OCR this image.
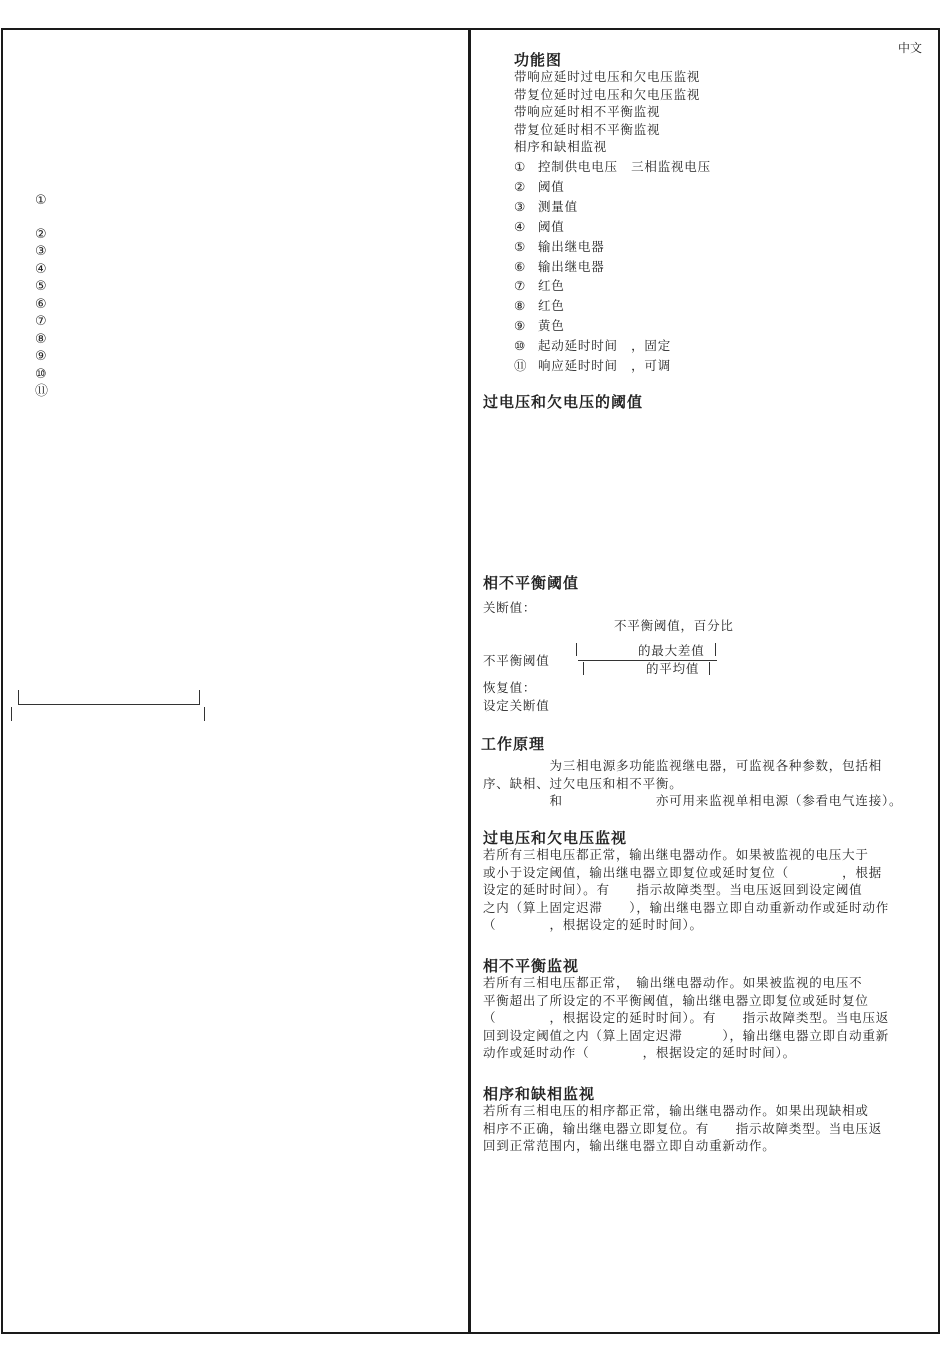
中文
①
②
③
④
⑤
⑥
⑦
⑧
⑨
⑩
⑪
功能图
带响应延时过电压和欠电压监视
带复位延时过电压和欠电压监视
带响应延时相不平衡监视
带复位延时相不平衡监视
相序和缺相监视
① 控制供电电压　三相监视电压
② 阈值
③ 测量值
④ 阈值
⑤ 输出继电器
⑥ 输出继电器
⑦ 红色
⑧ 红色
⑨ 黄色
⑩ 起动延时时间　，固定
⑪ 响应延时时间　，可调
过电压和欠电压的阈值
相不平衡阈值
关断值：
不平衡阈值，百分比
不平衡阈值
的最大差值
的平均值
恢复值：
设定关断值
工作原理
　　　　　为三相电源多功能监视继电器，可监视各种参数，包括相
序、缺相、过欠电压和相不平衡。
　　　　　和　　　　　　　亦可用来监视单相电源（参看电气连接）。
过电压和欠电压监视
若所有三相电压都正常，输出继电器动作。如果被监视的电压大于
或小于设定阈值，输出继电器立即复位或延时复位（　　　　，根据
设定的延时时间）。有　　指示故障类型。当电压返回到设定阈值
之内（算上固定迟滞　　），输出继电器立即自动重新动作或延时动作
（　　　　，根据设定的延时时间）。
相不平衡监视
若所有三相电压都正常，　输出继电器动作。如果被监视的电压不
平衡超出了所设定的不平衡阈值，输出继电器立即复位或延时复位
（　　　　，根据设定的延时时间）。有　　指示故障类型。当电压返
回到设定阈值之内（算上固定迟滞　　　），输出继电器立即自动重新
动作或延时动作（　　　　，根据设定的延时时间）。
相序和缺相监视
若所有三相电压的相序都正常，输出继电器动作。如果出现缺相或
相序不正确，输出继电器立即复位。有　　指示故障类型。当电压返
回到正常范围内，输出继电器立即自动重新动作。
